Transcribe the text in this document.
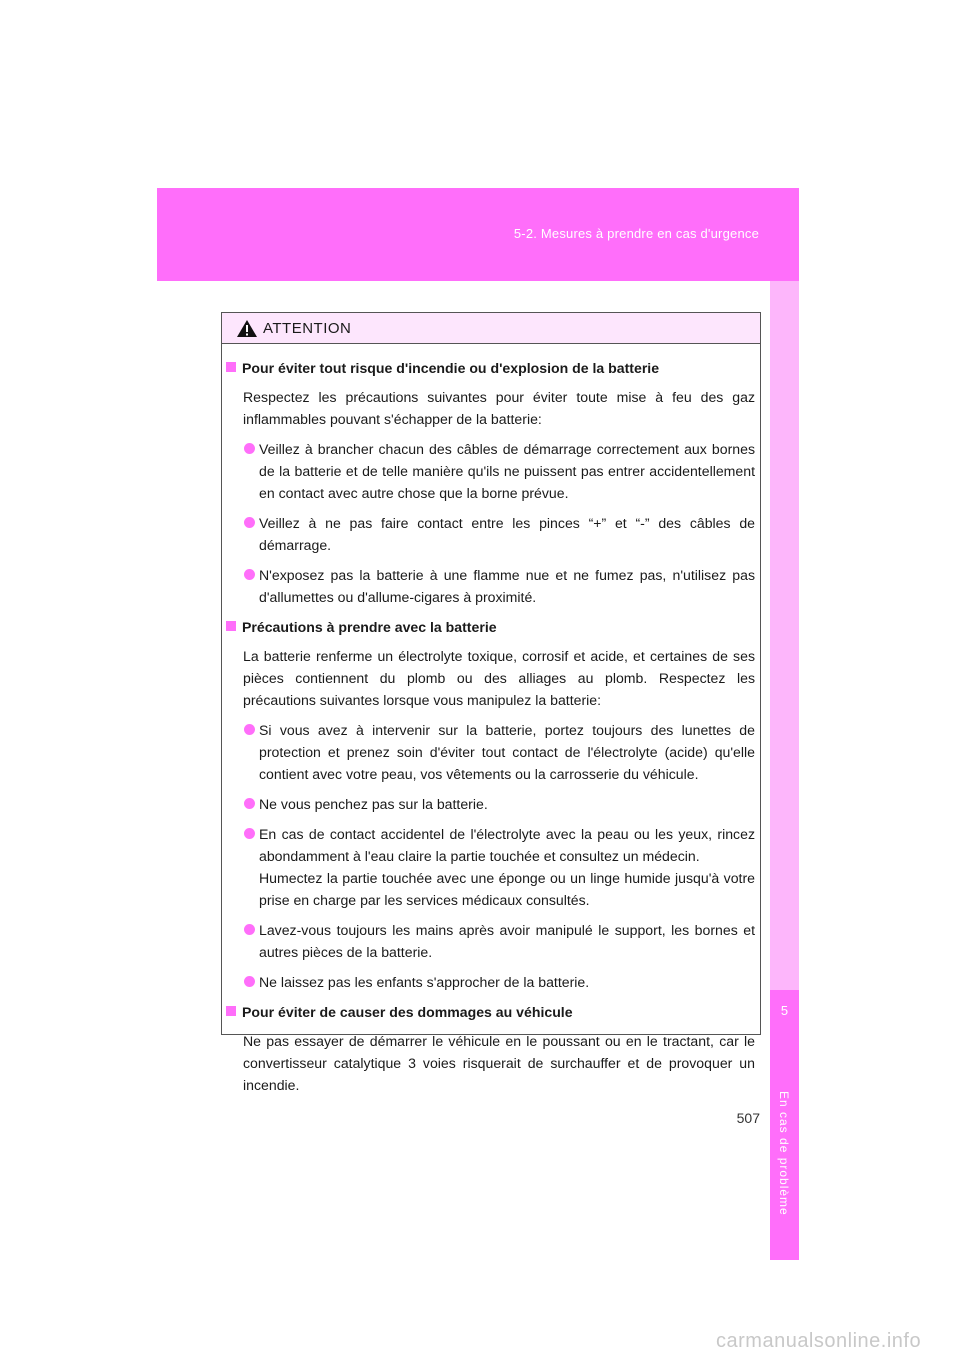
5-2. Mesures à prendre en cas d'urgence
5
En cas de problème
ATTENTION
Pour éviter tout risque d'incendie ou d'explosion de la batterie
Respectez les précautions suivantes pour éviter toute mise à feu des gaz inflammables pouvant s'échapper de la batterie:
Veillez à brancher chacun des câbles de démarrage correctement aux bornes de la batterie et de telle manière qu'ils ne puissent pas entrer accidentellement en contact avec autre chose que la borne prévue.
Veillez à ne pas faire contact entre les pinces “+” et “-” des câbles de démarrage.
N'exposez pas la batterie à une flamme nue et ne fumez pas, n'utilisez pas d'allumettes ou d'allume-cigares à proximité.
Précautions à prendre avec la batterie
La batterie renferme un électrolyte toxique, corrosif et acide, et certaines de ses pièces contiennent du plomb ou des alliages au plomb. Respectez les précautions suivantes lorsque vous manipulez la batterie:
Si vous avez à intervenir sur la batterie, portez toujours des lunettes de protection et prenez soin d'éviter tout contact de l'électrolyte (acide) qu'elle contient avec votre peau, vos vêtements ou la carrosserie du véhicule.
Ne vous penchez pas sur la batterie.
En cas de contact accidentel de l'électrolyte avec la peau ou les yeux, rincez abondamment à l'eau claire la partie touchée et consultez un médecin.
Humectez la partie touchée avec une éponge ou un linge humide jusqu'à votre prise en charge par les services médicaux consultés.
Lavez-vous toujours les mains après avoir manipulé le support, les bornes et autres pièces de la batterie.
Ne laissez pas les enfants s'approcher de la batterie.
Pour éviter de causer des dommages au véhicule
Ne pas essayer de démarrer le véhicule en le poussant ou en le tractant, car le convertisseur catalytique 3 voies risquerait de surchauffer et de provoquer un incendie.
507
carmanualsonline.info
